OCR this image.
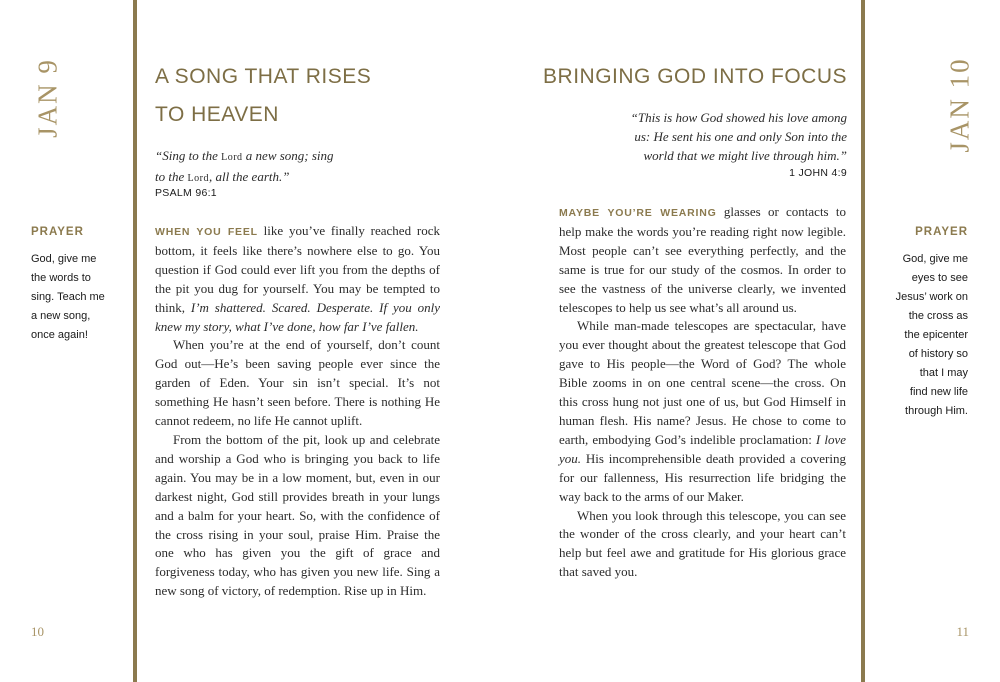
JAN 9
PRAYER
God, give me
the words to
sing. Teach me
a new song,
once again!
A SONG THAT RISES
TO HEAVEN
“Sing to the Lord a new song; sing
to the Lord, all the earth.”
PSALM 96:1

WHEN YOU FEEL like you’ve finally reached rock bottom, it feels like there’s nowhere else to go. You question if God could ever lift you from the depths of the pit you dug for yourself. You may be tempted to think, I’m shattered. Scared. Desperate. If you only knew my story, what I’ve done, how far I’ve fallen.

When you’re at the end of yourself, don’t count God out—He’s been saving people ever since the garden of Eden. Your sin isn’t special. It’s not something He hasn’t seen before. There is nothing He cannot redeem, no life He cannot uplift.

From the bottom of the pit, look up and celebrate and worship a God who is bringing you back to life again. You may be in a low moment, but, even in our darkest night, God still provides breath in your lungs and a balm for your heart. So, with the confidence of the cross rising in your soul, praise Him. Praise the one who has given you the gift of grace and forgiveness today, who has given you new life. Sing a new song of victory, of redemption. Rise up in Him.

10
BRINGING GOD INTO FOCUS
“This is how God showed his love among
us: He sent his one and only Son into the
world that we might live through him.”
1 JOHN 4:9

MAYBE YOU’RE WEARING glasses or contacts to help make the words you’re reading right now legible. Most people can’t see everything perfectly, and the same is true for our study of the cosmos. In order to see the vastness of the universe clearly, we invented telescopes to help us see what’s all around us.

While man-made telescopes are spectacular, have you ever thought about the greatest telescope that God gave to His people—the Word of God? The whole Bible zooms in on one central scene—the cross. On this cross hung not just one of us, but God Himself in human flesh. His name? Jesus. He chose to come to earth, embodying God’s indelible proclamation: I love you. His incomprehensible death provided a covering for our fallenness, His resurrection life bridging the way back to the arms of our Maker.

When you look through this telescope, you can see the wonder of the cross clearly, and your heart can’t help but feel awe and gratitude for His glorious grace that saved you.

JAN 10
PRAYER
God, give me
eyes to see
Jesus’ work on
the cross as
the epicenter
of history so
that I may
find new life
through Him.
11
